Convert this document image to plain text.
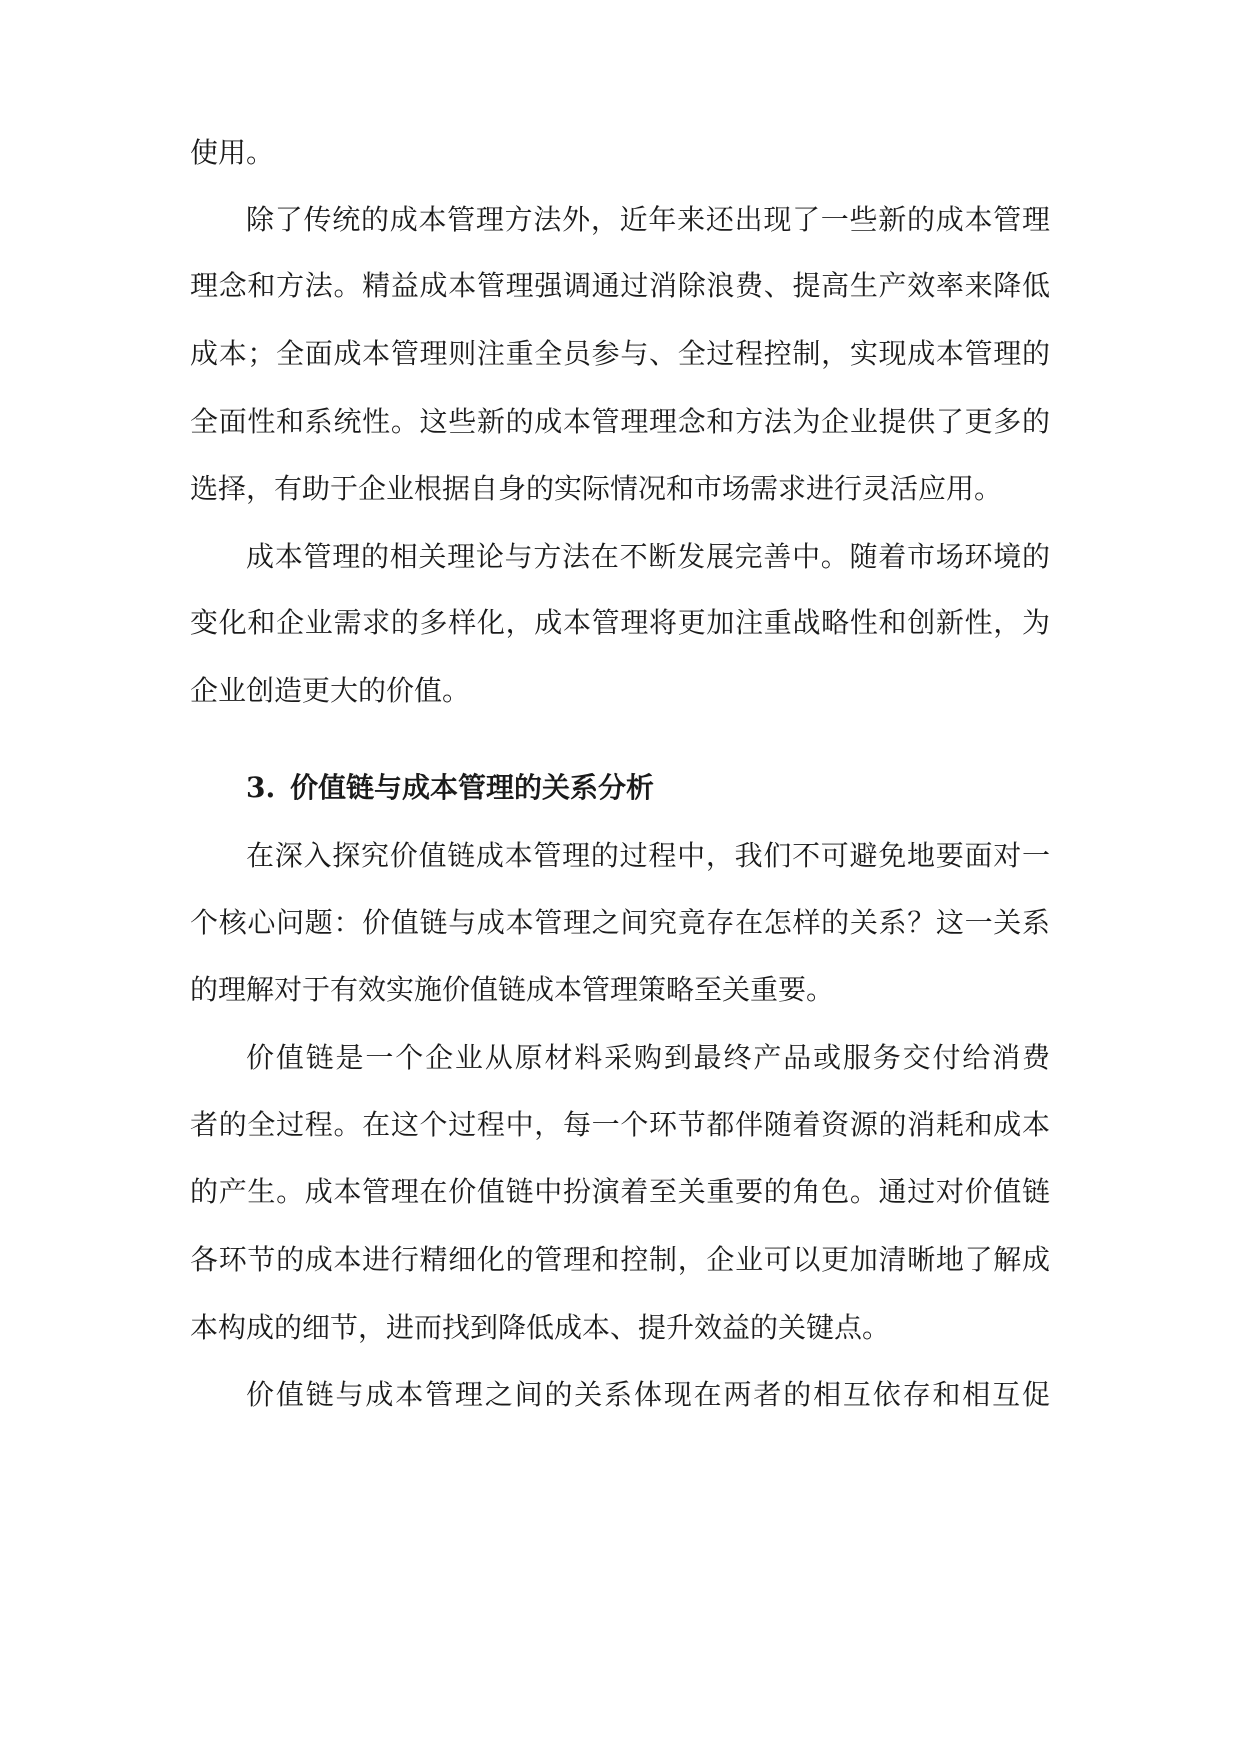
使用。
除了传统的成本管理方法外，近年来还出现了一些新的成本管理
理念和方法。精益成本管理强调通过消除浪费、提高生产效率来降低
成本；全面成本管理则注重全员参与、全过程控制，实现成本管理的
全面性和系统性。这些新的成本管理理念和方法为企业提供了更多的
选择，有助于企业根据自身的实际情况和市场需求进行灵活应用。
成本管理的相关理论与方法在不断发展完善中。随着市场环境的
变化和企业需求的多样化，成本管理将更加注重战略性和创新性，为
企业创造更大的价值。
3. 价值链与成本管理的关系分析
在深入探究价值链成本管理的过程中，我们不可避免地要面对一
个核心问题：价值链与成本管理之间究竟存在怎样的关系？这一关系
的理解对于有效实施价值链成本管理策略至关重要。
价值链是一个企业从原材料采购到最终产品或服务交付给消费
者的全过程。在这个过程中，每一个环节都伴随着资源的消耗和成本
的产生。成本管理在价值链中扮演着至关重要的角色。通过对价值链
各环节的成本进行精细化的管理和控制，企业可以更加清晰地了解成
本构成的细节，进而找到降低成本、提升效益的关键点。
价值链与成本管理之间的关系体现在两者的相互依存和相互促
